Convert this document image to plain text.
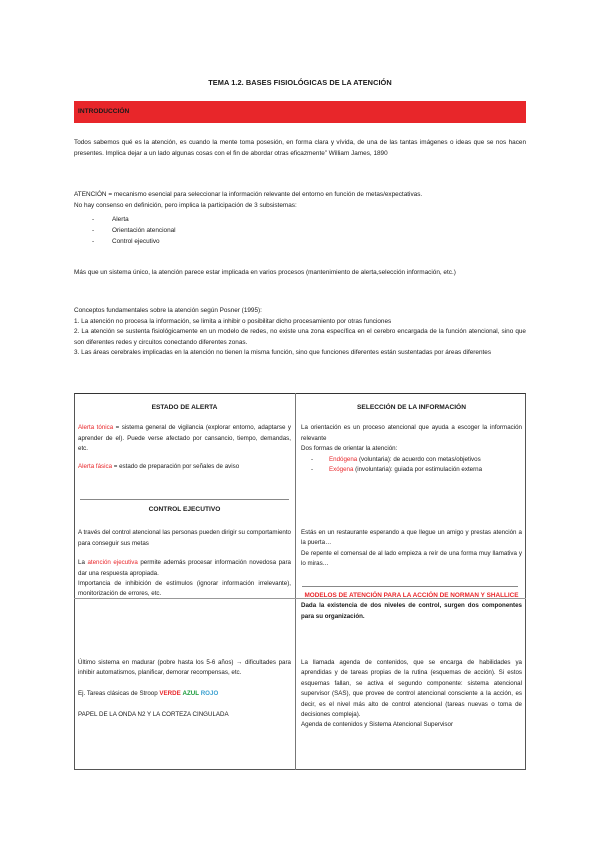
TEMA 1.2. BASES FISIOLÓGICAS DE LA ATENCIÓN
INTRODUCCIÓN

Todos sabemos qué es la atención, es cuando la mente toma posesión, en forma clara y vívida, de una de las tantas imágenes o ideas que se nos hacen presentes. Implica dejar a un lado algunas cosas con el fin de abordar otras eficazmente” William James, 1890

ATENCIÓN = mecanismo esencial para seleccionar la información relevante del entorno en función de metas/expectativas.
No hay consenso en definición, pero implica la participación de 3 subsistemas:
- Alerta
- Orientación atencional
- Control ejecutivo

Más que un sistema único, la atención parece estar implicada en varios procesos (mantenimiento de alerta,selección información, etc.)

Conceptos fundamentales sobre la atención según Posner (1995):
1. La atención no procesa la información, se limita a inhibir o posibilitar dicho procesamiento por otras funciones
2. La atención se sustenta fisiológicamente en un modelo de redes, no existe una zona específica en el cerebro encargada de la función atencional, sino que son diferentes redes y circuitos conectando diferentes zonas.
3. Las áreas cerebrales implicadas en la atención no tienen la misma función, sino que funciones diferentes están sustentadas por áreas diferentes
ESTADO DE ALERTA

Alerta tónica = sistema general de vigilancia (explorar entorno, adaptarse y aprender de el). Puede verse afectado por cansancio, tiempo, demandas, etc.

Alerta fásica = estado de preparación por señales de aviso

CONTROL EJECUTIVO

A través del control atencional las personas pueden dirigir su comportamiento para conseguir sus metas

La atención ejecutiva permite además procesar información novedosa para dar una respuesta apropiada.

Importancia de inhibición de estímulos (ignorar información irrelevante), monitorización de errores, etc.

SELECCIÓN DE LA INFORMACIÓN

La orientación es un proceso atencional que ayuda a escoger la información relevante

Dos formas de orientar la atención:

- Endógena (voluntaria): de acuerdo con metas/objetivos

- Exógena (involuntaria): guiada por estimulación externa

Estás en un restaurante esperando a que llegue un amigo y prestas atención a la puerta…

De repente el comensal de al lado empieza a reír de una forma muy llamativa y lo miras…

MODELOS DE ATENCIÓN PARA LA ACCIÓN DE NORMAN Y SHALLICE

Dada la existencia de dos niveles de control, surgen dos componentes para su organización.

Último sistema en madurar (pobre hasta los 5-6 años) → dificultades para inhibir automatismos, planificar, demorar recompensas, etc.

Ej. Tareas clásicas de Stroop VERDE AZUL ROJO

PAPEL DE LA ONDA N2 Y LA CORTEZA CINGULADA

La llamada agenda de contenidos, que se encarga de habilidades ya aprendidas y de tareas propias de la rutina (esquemas de acción). Si estos esquemas fallan, se activa el segundo componente: sistema atencional supervisor (SAS), que provee de control atencional consciente a la acción, es decir, es el nivel más alto de control atencional (tareas nuevas o toma de decisiones compleja).

Agenda de contenidos y Sistema Atencional Supervisor
